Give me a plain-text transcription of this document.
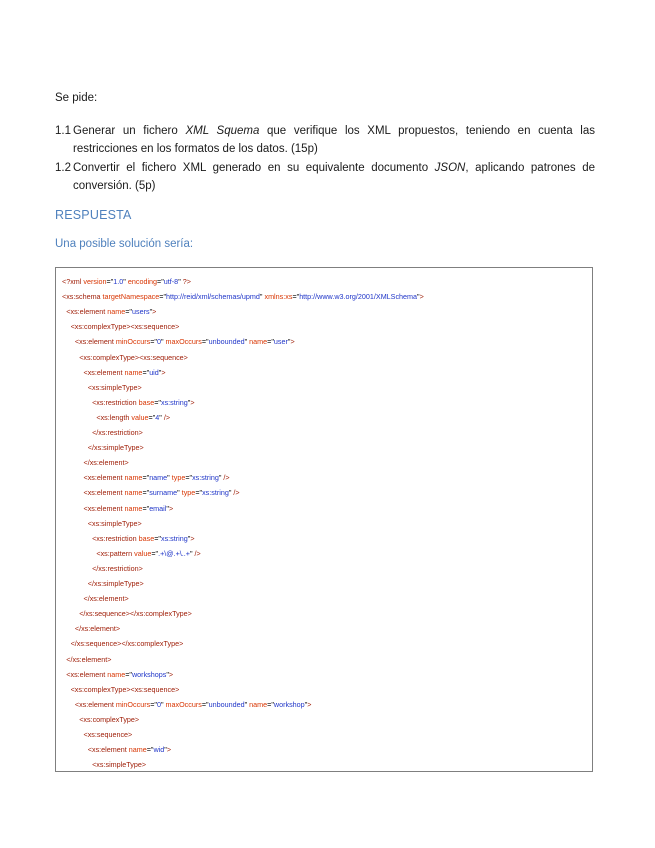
Se pide:
1.1 Generar un fichero XML Squema que verifique los XML propuestos, teniendo en cuenta las restricciones en los formatos de los datos. (15p)
1.2 Convertir el fichero XML generado en su equivalente documento JSON, aplicando patrones de conversión. (5p)
RESPUESTA
Una posible solución sería:
<?xml version="1.0" encoding="utf-8" ?>
<xs:schema targetNamespace="http://reid/xml/schemas/upmd" xmlns:xs="http://www.w3.org/2001/XMLSchema">
<xs:element name="users">
<xs:complexType><xs:sequence>
<xs:element minOccurs="0" maxOccurs="unbounded" name="user">
<xs:complexType><xs:sequence>
<xs:element name="uid">
<xs:simpleType>
<xs:restriction base="xs:string">
<xs:length value="4" />
</xs:restriction>
</xs:simpleType>
</xs:element>
<xs:element name="name" type="xs:string" />
<xs:element name="surname" type="xs:string" />
<xs:element name="email">
<xs:simpleType>
<xs:restriction base="xs:string">
<xs:pattern value=".+\@.+\..+" />
</xs:restriction>
</xs:simpleType>
</xs:element>
</xs:sequence></xs:complexType>
</xs:element>
</xs:sequence></xs:complexType>
</xs:element>
<xs:element name="workshops">
<xs:complexType><xs:sequence>
<xs:element minOccurs="0" maxOccurs="unbounded" name="workshop">
<xs:complexType>
<xs:sequence>
<xs:element name="wid">
<xs:simpleType>
